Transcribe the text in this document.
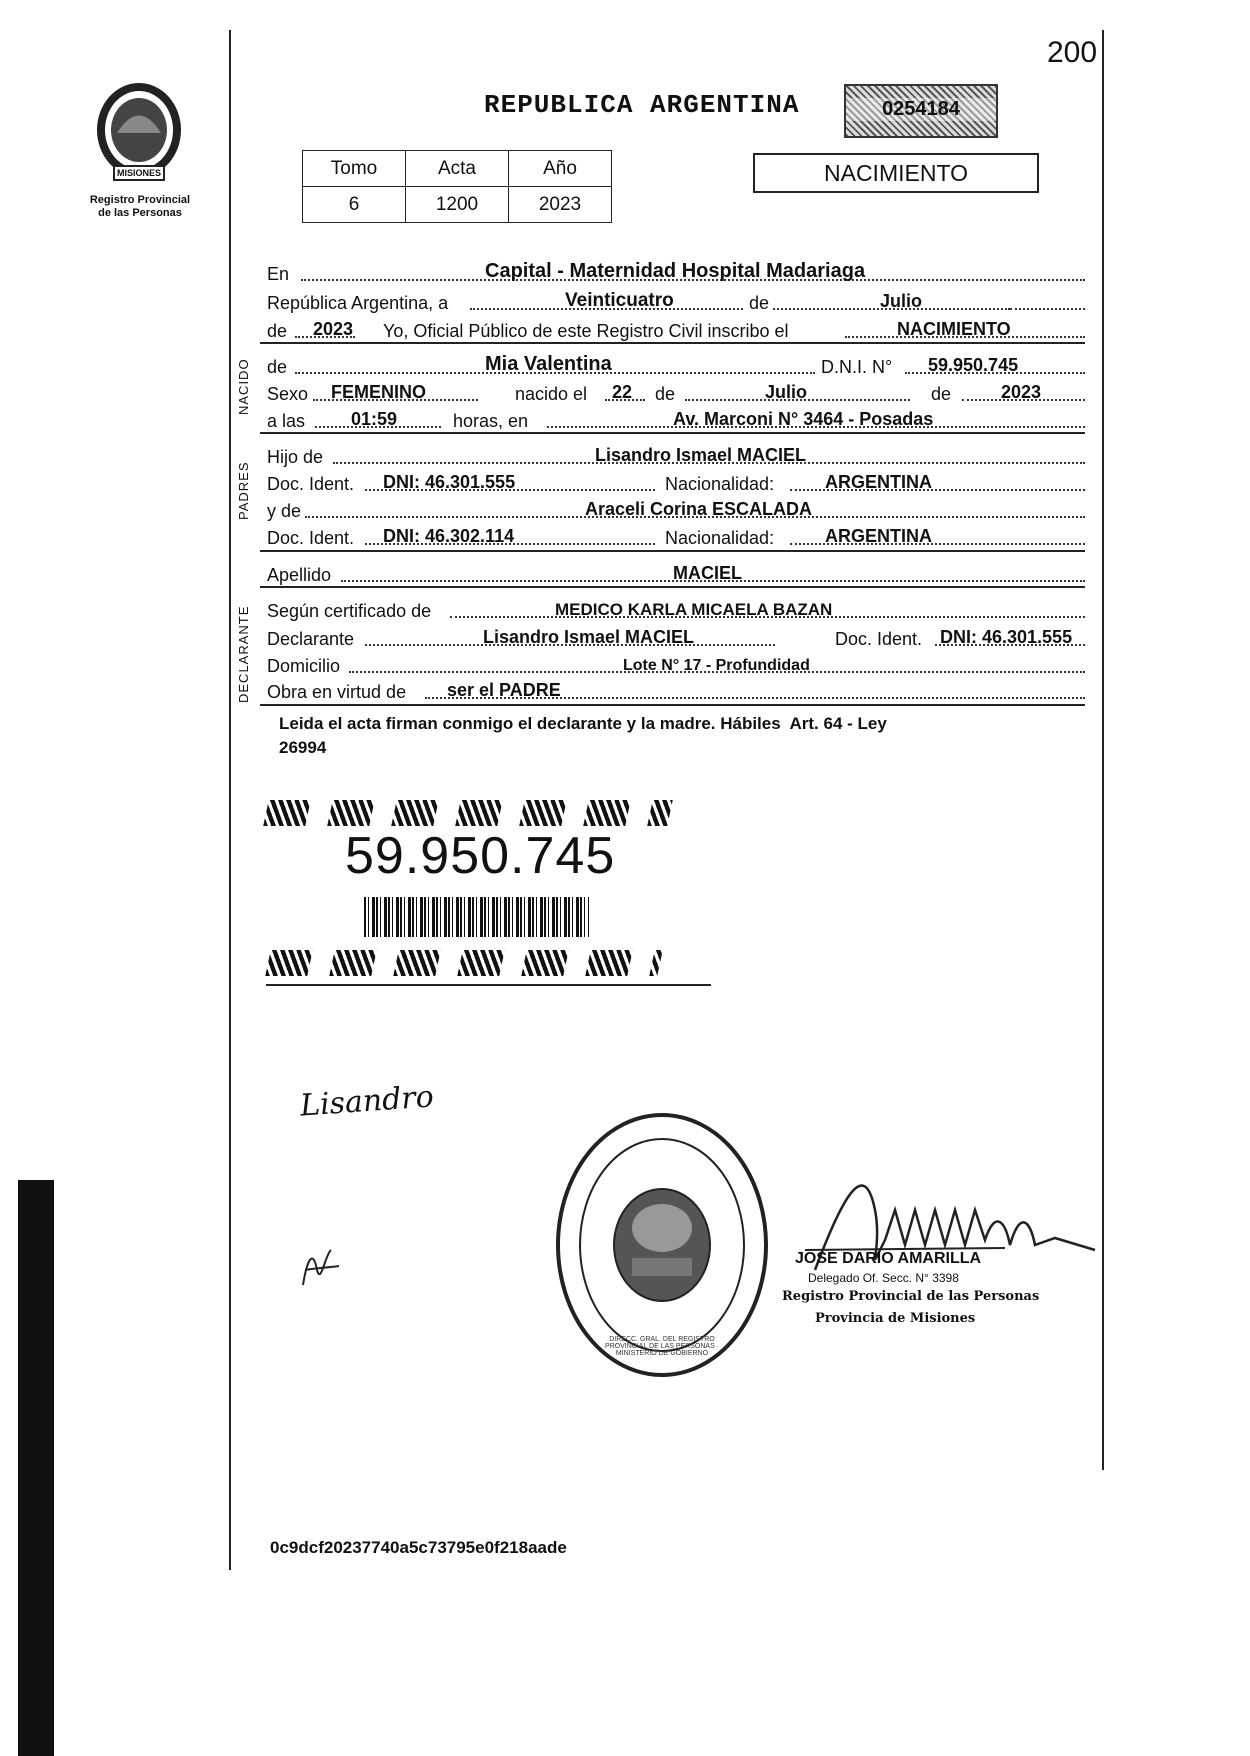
200
MISIONES
Registro Provincial
de las Personas
REPUBLICA ARGENTINA	0254184
NACIMIENTO
Tomo	Acta	Año
6	1200	2023
En	Capital - Maternidad Hospital Madariaga
República Argentina, a	Veinticuatro	de	Julio
de 2023 Yo, Oficial Público de este Registro Civil inscribo el	NACIMIENTO
NACIDO de	Mia Valentina	D.N.I. N° 59.950.745
Sexo FEMENINO	nacido el 22 de	Julio	de	2023
a las	01:59	horas, en	Av. Marconi N° 3464 - Posadas
PADRES
Hijo de	Lisandro Ismael MACIEL
Doc. Ident. DNI: 46.301.555	Nacionalidad:	ARGENTINA
y de	Araceli Corina ESCALADA
Doc. Ident. DNI: 46.302.114	Nacionalidad:	ARGENTINA
Apellido	MACIEL
DECLARANTE Según certificado de	MEDICO KARLA MICAELA BAZAN
Declarante	Lisandro Ismael MACIEL	Doc. Ident. DNI: 46.301.555
Domicilio	Lote N° 17 - Profundidad
Obra en virtud de ser el PADRE
Leida el acta firman conmigo el declarante y la madre. Hábiles  Art. 64 - Ley
26994
59.950.745
Lisandro
DIRECC. GRAL. DEL REGISTRO PROVINCIAL DE LAS PERSONAS · MINISTERIO DE GOBIERNO
JOSE DARIO AMARILLA
Delegado Of. Secc. N° 3398
Registro Provincial de las Personas
Provincia de Misiones
0c9dcf20237740a5c73795e0f218aade
